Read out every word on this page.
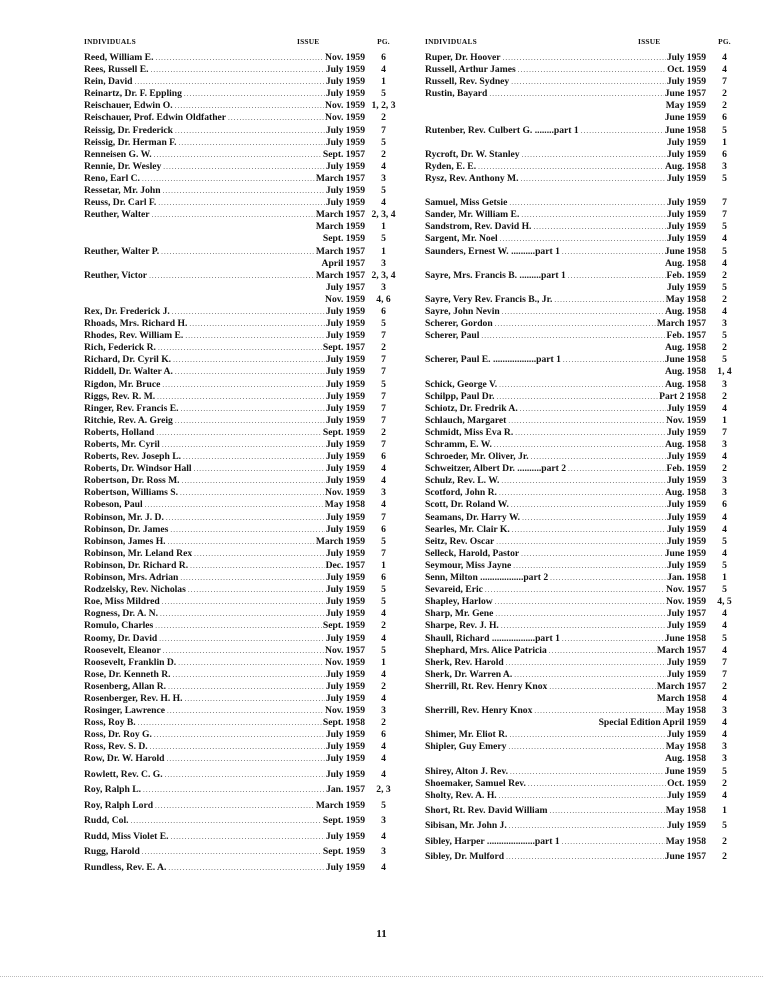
INDIVIDUALS	ISSUE	PG.
Reed, William E. .....	Nov. 1959	6
Rees, Russell E. .....	July 1959	4
Rein, David .....	July 1959	1
Reinartz, Dr. F. Eppling .....	July 1959	5
Reischauer, Edwin O. .....	Nov. 1959 1, 2, 3
Reischauer, Prof. Edwin Oldfather .....	Nov. 1959	2
Reissig, Dr. Frederick .....	July 1959	7
Reissig, Dr. Herman F. .....	July 1959	5
Renneisen G. W. .....	Sept. 1957	2
Rennie, Dr. Wesley .....	July 1959	4
Reno, Earl C. .....	March 1957	3
Ressetar, Mr. John .....	July 1959	5
Reuss, Dr. Carl F. .....	July 1959	4
Reuther, Walter .....	March 1957 2, 3, 4
March 1959	1
Sept. 1959	5
Reuther, Walter P. .....	March 1957	1
April 1957	3
Reuther, Victor .....	March 1957 2, 3, 4
July 1957	3
Nov. 1959	4, 6
Rex, Dr. Frederick J. .....	July 1959	6
Rhoads, Mrs. Richard H. .....	July 1959	5
Rhodes, Rev. William E. .....	July 1959	7
Rich, Federick R. .....	Sept. 1957	2
Richard, Dr. Cyril K. .....	July 1959	7
Riddell, Dr. Walter A. .....	July 1959	7
Rigdon, Mr. Bruce .....	July 1959	5
Riggs, Rev. R. M. .....	July 1959	7
Ringer, Rev. Francis E. .....	July 1959	7
Ritchie, Rev. A. Greig .....	July 1959	7
Roberts, Holland .....	Sept. 1959	2
Roberts, Mr. Cyril .....	July 1959	7
Roberts, Rev. Joseph L. .....	July 1959	6
Roberts, Dr. Windsor Hall .....	July 1959	4
Robertson, Dr. Ross M. .....	July 1959	4
Robertson, Williams S. .....	Nov. 1959	3
Robeson, Paul .....	May 1958	4
Robinson, Mr. J. D. .....	July 1959	7
Robinson, Dr. James .....	July 1959	6
Robinson, James H. .....	March 1959	5
Robinson, Mr. Leland Rex .....	July 1959	7
Robinson, Dr. Richard R. .....	Dec. 1957	1
Robinson, Mrs. Adrian .....	July 1959	6
Rodzelsky, Rev. Nicholas .....	July 1959	5
Roe, Miss Mildred .....	July 1959	5
Rogness, Dr. A. N. .....	July 1959	4
Romulo, Charles .....	Sept. 1959	2
Roomy, Dr. David .....	July 1959	4
Roosevelt, Eleanor .....	Nov. 1957	5
Roosevelt, Franklin D. .....	Nov. 1959	1
Rose, Dr. Kenneth R. .....	July 1959	4
Rosenberg, Allan R. .....	July 1959	2
Rosenberger, Rev. H. H. .....	July 1959	4
Rosinger, Lawrence .....	Nov. 1959	3
Ross, Roy B. .....	Sept. 1958	2
Ross, Dr. Roy G. .....	July 1959	6
Ross, Rev. S. D. .....	July 1959	4
Row, Dr. W. Harold .....	July 1959	4
Rowlett, Rev. C. G. .....	July 1959	4
Roy, Ralph L. .....	Jan. 1957	2, 3
Roy, Ralph Lord .....	March 1959	5
Rudd, Col. .....	Sept. 1959	3
Rudd, Miss Violet E. .....	July 1959	4
Rugg, Harold .....	Sept. 1959	3
Rundless, Rev. E. A. .....	July 1959	4
INDIVIDUALS	ISSUE	PG.
Ruper, Dr. Hoover .....	July 1959	4
Russell, Arthur James .....	Oct. 1959	4
Russell, Rev. Sydney .....	July 1959	7
Rustin, Bayard .....	June 1957	2
May 1959	2
June 1959	6
Rutenber, Rev. Culbert G. ........part 1 .....	June 1958	5
July 1959	1
Rycroft, Dr. W. Stanley .....	July 1959	6
Ryden, E. E. .....	Aug. 1958	3
Rysz, Rev. Anthony M. .....	July 1959	5
Samuel, Miss Getsie .....	July 1959	7
Sander, Mr. William E. .....	July 1959	7
Sandstrom, Rev. David H. .....	July 1959	5
Sargent, Mr. Noel .....	July 1959	4
Saunders, Ernest W. ..........part 1 .....	June 1958	5
Aug. 1958	4
Sayre, Mrs. Francis B. .........part 1 .....	Feb. 1959	2
July 1959	5
Sayre, Very Rev. Francis B., Jr. .....	May 1958	2
Sayre, John Nevin .....	Aug. 1958	4
Scherer, Gordon .....	March 1957	3
Scherer, Paul .....	Feb. 1957	5
Aug. 1958	2
Scherer, Paul E. ..................part 1 .....	June 1958	5
Aug. 1958	1, 4
Schick, George V. .....	Aug. 1958	3
Schilpp, Paul Dr. .....	Part 2 1958	2
Schiotz, Dr. Fredrik A. .....	July 1959	4
Schlauch, Margaret .....	Nov. 1959	1
Schmidt, Miss Eva R. .....	July 1959	7
Schramm, E. W. .....	Aug. 1958	3
Schroeder, Mr. Oliver, Jr. .....	July 1959	4
Schweitzer, Albert Dr. ..........part 2 .....	Feb. 1959	2
Schulz, Rev. L. W. .....	July 1959	3
Scotford, John R. .....	Aug. 1958	3
Scott, Dr. Roland W. .....	July 1959	6
Seamans, Dr. Harry W. .....	July 1959	4
Searles, Mr. Clair K. .....	July 1959	4
Seitz, Rev. Oscar .....	July 1959	5
Selleck, Harold, Pastor .....	June 1959	4
Seymour, Miss Jayne .....	July 1959	5
Senn, Milton ..................part 2 .....	Jan. 1958	1
Sevareid, Eric .....	Nov. 1957	5
Shapley, Harlow .....	Nov. 1959	4, 5
Sharp, Mr. Gene .....	July 1957	4
Sharpe, Rev. J. H. .....	July 1959	4
Shaull, Richard ..................part 1 .....	June 1958	5
Shephard, Mrs. Alice Patricia .....	March 1957	4
Sherk, Rev. Harold .....	July 1959	7
Sherk, Dr. Warren A. .....	July 1959	7
Sherrill, Rt. Rev. Henry Knox .....	March 1957	2
March 1958	4
Sherrill, Rev. Henry Knox .....	May 1958	3
Special Edition April 1959	4
Shimer, Mr. Eliot R. .....	July 1959	4
Shipler, Guy Emery .....	May 1958	3
Aug. 1958	3
Shirey, Alton J. Rev. .....	June 1959	5
Shoemaker, Samuel Rev. .....	Oct. 1959	2
Sholty, Rev. A. H. .....	July 1959	4
Short, Rt. Rev. David William .....	May 1958	1
Sibisan, Mr. John J. .....	July 1959	5
Sibley, Harper ....................part 1 .....	May 1958	2
Sibley, Dr. Mulford .....	June 1957	2
11
